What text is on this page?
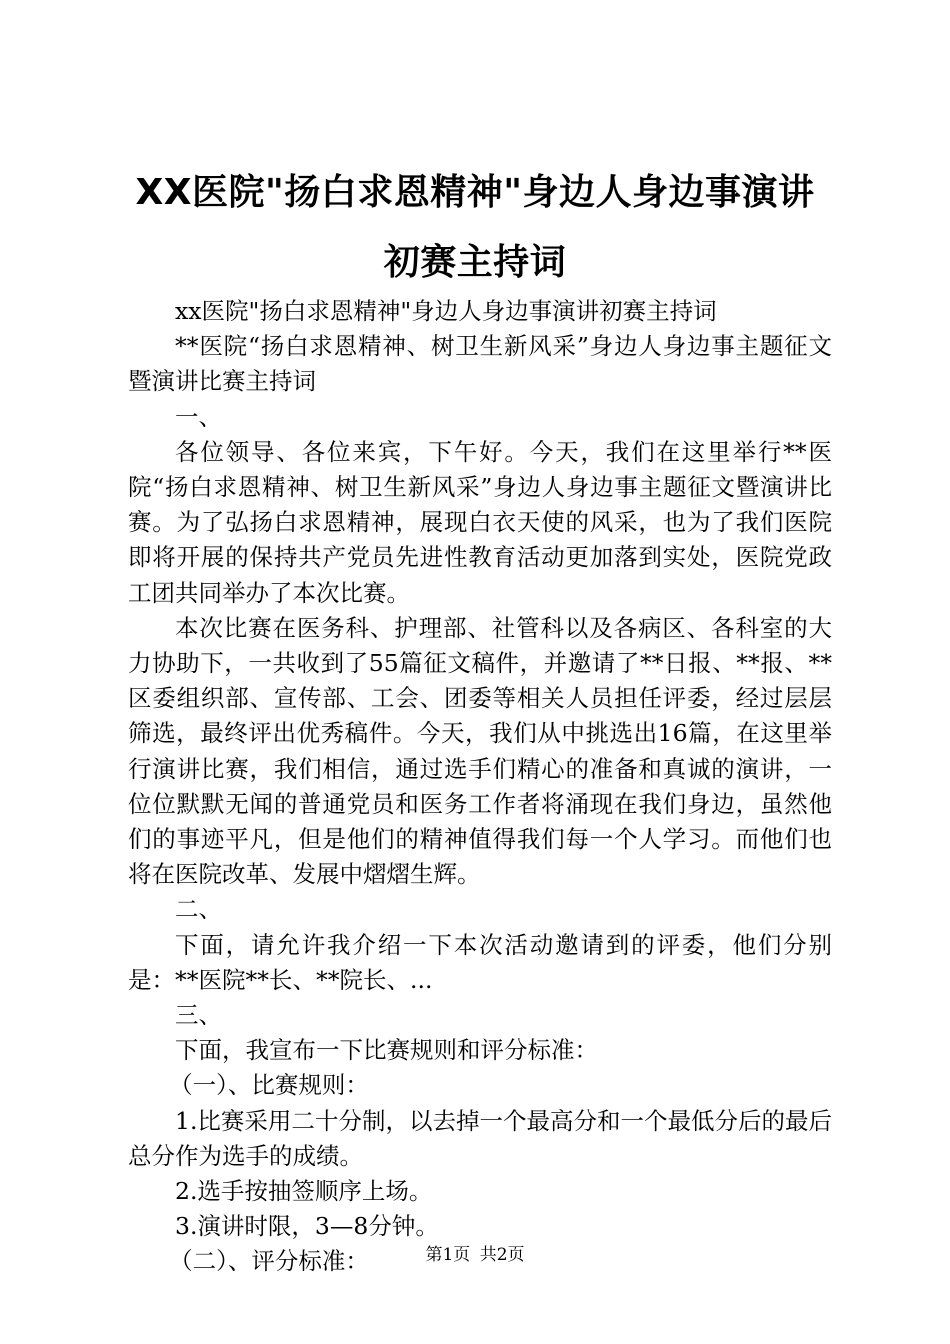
XX医院"扬白求恩精神"身边人身边事演讲初赛主持词

xx医院"扬白求恩精神"身边人身边事演讲初赛主持词

**医院“扬白求恩精神、树卫生新风采”身边人身边事主题征文暨演讲比赛主持词

一、

各位领导、各位来宾，下午好。今天，我们在这里举行**医院“扬白求恩精神、树卫生新风采”身边人身边事主题征文暨演讲比赛。为了弘扬白求恩精神，展现白衣天使的风采，也为了我们医院即将开展的保持共产党员先进性教育活动更加落到实处，医院党政工团共同举办了本次比赛。

本次比赛在医务科、护理部、社管科以及各病区、各科室的大力协助下，一共收到了55篇征文稿件，并邀请了**日报、**报、**区委组织部、宣传部、工会、团委等相关人员担任评委，经过层层筛选，最终评出优秀稿件。今天，我们从中挑选出16篇，在这里举行演讲比赛，我们相信，通过选手们精心的准备和真诚的演讲，一位位默默无闻的普通党员和医务工作者将涌现在我们身边，虽然他们的事迹平凡，但是他们的精神值得我们每一个人学习。而他们也将在医院改革、发展中熠熠生辉。

二、

下面，请允许我介绍一下本次活动邀请到的评委，他们分别是：**医院**长、**院长、...

三、

下面，我宣布一下比赛规则和评分标准：

（一）、比赛规则：

1.比赛采用二十分制，以去掉一个最高分和一个最低分后的最后总分作为选手的成绩。

2.选手按抽签顺序上场。

3.演讲时限，3—8分钟。

（二）、评分标准：	第1页 共2页
